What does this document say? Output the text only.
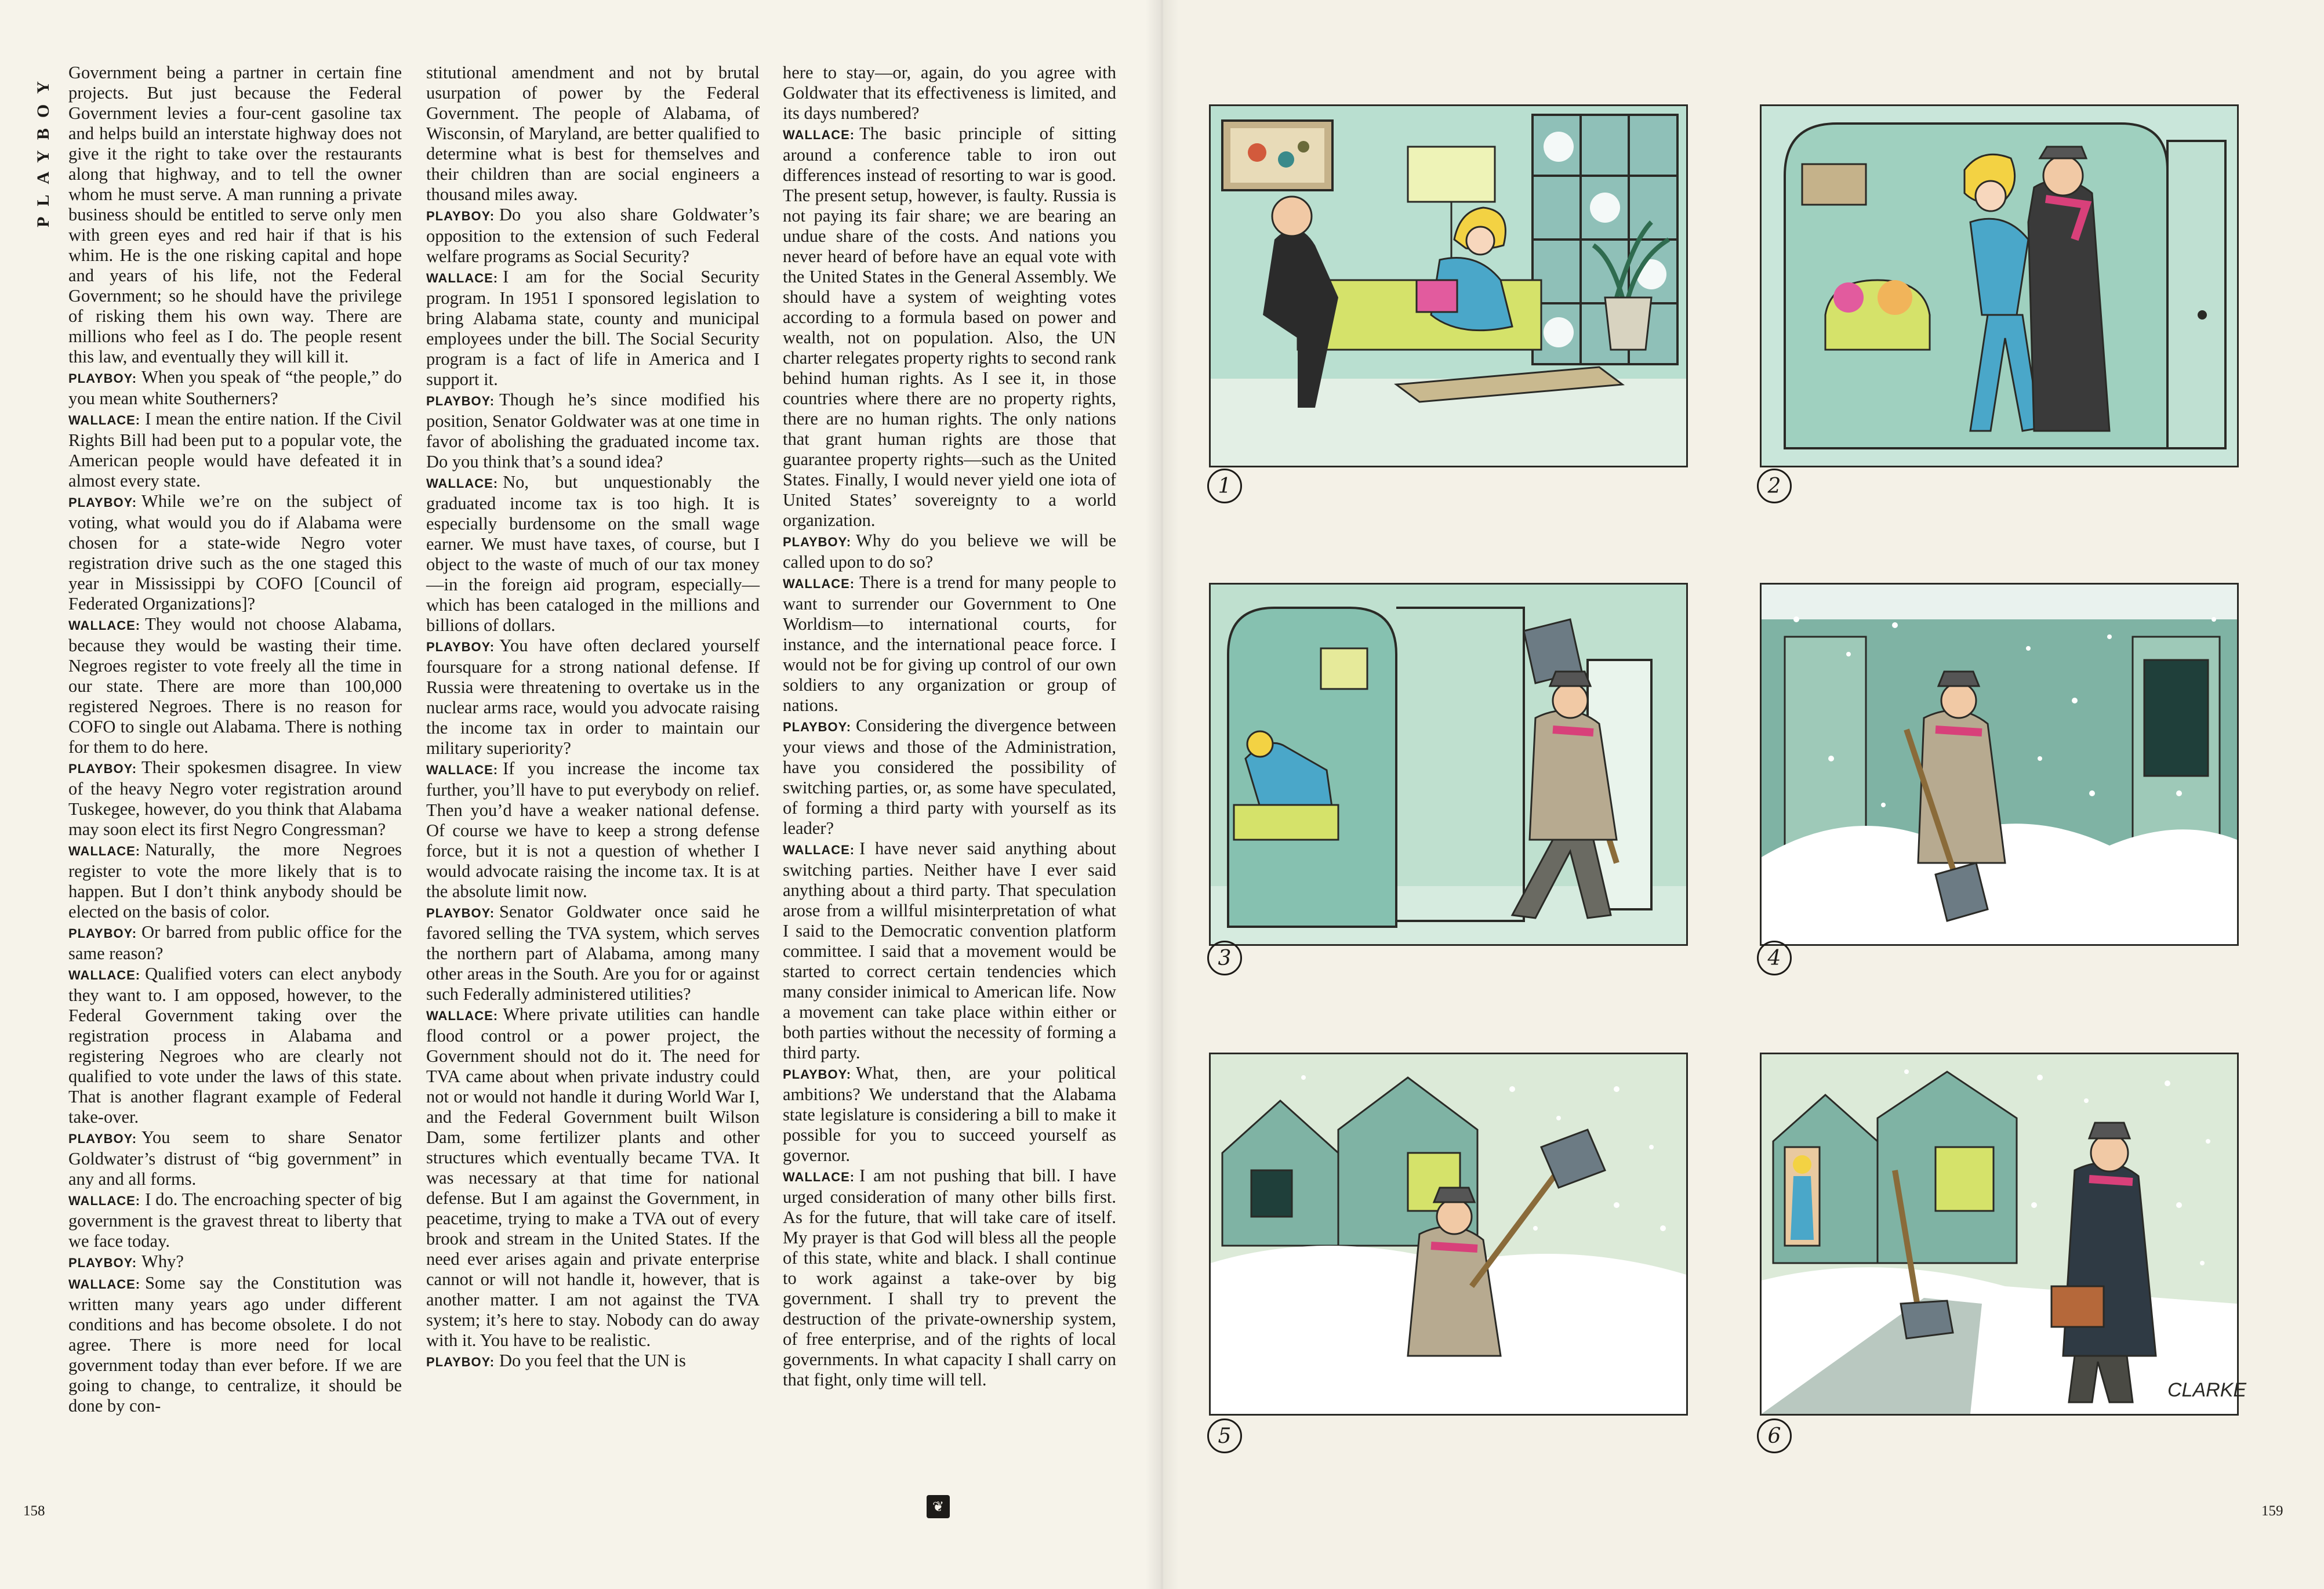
PLAYBOY Government being a partner in certain fine projects. But just because the Federal Government levies a four-cent gasoline tax and helps build an interstate highway does not give it the right to take over the restaurants along that highway, and to tell the owner whom he must serve. A man running a private business should be entitled to serve only men with green eyes and red hair if that is his whim. He is the one risking capital and hope and years of his life, not the Federal Government; so he should have the privilege of risking them his own way. There are millions who feel as I do. The people resent this law, and eventually they will kill it.

PLAYBOY: When you speak of “the people,” do you mean white Southerners?

WALLACE: I mean the entire nation. If the Civil Rights Bill had been put to a popular vote, the American people would have defeated it in almost every state.

PLAYBOY: While we’re on the subject of voting, what would you do if Alabama were chosen for a state-wide Negro voter registration drive such as the one staged this year in Mississippi by COFO [Council of Federated Organizations]?

WALLACE: They would not choose Alabama, because they would be wasting their time. Negroes register to vote freely all the time in our state. There are more than 100,000 registered Negroes. There is no reason for COFO to single out Alabama. There is nothing for them to do here.

PLAYBOY: Their spokesmen disagree. In view of the heavy Negro voter registration around Tuskegee, however, do you think that Alabama may soon elect its first Negro Congressman?

WALLACE: Naturally, the more Negroes register to vote the more likely that is to happen. But I don’t think anybody should be elected on the basis of color.

PLAYBOY: Or barred from public office for the same reason?

WALLACE: Qualified voters can elect anybody they want to. I am opposed, however, to the Federal Government taking over the registration process in Alabama and registering Negroes who are clearly not qualified to vote under the laws of this state. That is another flagrant example of Federal take-over.

PLAYBOY: You seem to share Senator Goldwater’s distrust of “big government” in any and all forms.

WALLACE: I do. The encroaching specter of big government is the gravest threat to liberty that we face today.

PLAYBOY: Why?

WALLACE: Some say the Constitution was written many years ago under different conditions and has become obsolete. I do not agree. There is more need for local government today than ever before. If we are going to change, to centralize, it should be done by con-

stitutional amendment and not by brutal usurpation of power by the Federal Government. The people of Alabama, of Wisconsin, of Maryland, are better qualified to determine what is best for themselves and their children than are social engineers a thousand miles away.

PLAYBOY: Do you also share Goldwater’s opposition to the extension of such Federal welfare programs as Social Security?

WALLACE: I am for the Social Security program. In 1951 I sponsored legislation to bring Alabama state, county and municipal employees under the bill. The Social Security program is a fact of life in America and I support it.

PLAYBOY: Though he’s since modified his position, Senator Goldwater was at one time in favor of abolishing the graduated income tax. Do you think that’s a sound idea?

WALLACE: No, but unquestionably the graduated income tax is too high. It is especially burdensome on the small wage earner. We must have taxes, of course, but I object to the waste of much of our tax money—in the foreign aid program, especially—which has been cataloged in the millions and billions of dollars.

PLAYBOY: You have often declared yourself foursquare for a strong national defense. If Russia were threatening to overtake us in the nuclear arms race, would you advocate raising the income tax in order to maintain our military superiority?

WALLACE: If you increase the income tax further, you’ll have to put everybody on relief. Then you’d have a weaker national defense. Of course we have to keep a strong defense force, but it is not a question of whether I would advocate raising the income tax. It is at the absolute limit now.

PLAYBOY: Senator Goldwater once said he favored selling the TVA system, which serves the northern part of Alabama, among many other areas in the South. Are you for or against such Federally administered utilities?

WALLACE: Where private utilities can handle flood control or a power project, the Government should not do it. The need for TVA came about when private industry could not or would not handle it during World War I, and the Federal Government built Wilson Dam, some fertilizer plants and other structures which eventually became TVA. It was necessary at that time for national defense. But I am against the Government, in peacetime, trying to make a TVA out of every brook and stream in the United States. If the need ever arises again and private enterprise cannot or will not handle it, however, that is another matter. I am not against the TVA system; it’s here to stay. Nobody can do away with it. You have to be realistic.

PLAYBOY: Do you feel that the UN is

here to stay—or, again, do you agree with Goldwater that its effectiveness is limited, and its days numbered?

WALLACE: The basic principle of sitting around a conference table to iron out differences instead of resorting to war is good. The present setup, however, is faulty. Russia is not paying its fair share; we are bearing an undue share of the costs. And nations you never heard of before have an equal vote with the United States in the General Assembly. We should have a system of weighting votes according to a formula based on power and wealth, not on population. Also, the UN charter relegates property rights to second rank behind human rights. As I see it, in those countries where there are no property rights, there are no human rights. The only nations that grant human rights are those that guarantee property rights—such as the United States. Finally, I would never yield one iota of United States’ sovereignty to a world organization.

PLAYBOY: Why do you believe we will be called upon to do so?

WALLACE: There is a trend for many people to want to surrender our Government to One Worldism—to international courts, for instance, and the international peace force. I would not be for giving up control of our own soldiers to any organization or group of nations.

PLAYBOY: Considering the divergence between your views and those of the Administration, have you considered the possibility of switching parties, or, as some have speculated, of forming a third party with yourself as its leader?

WALLACE: I have never said anything about switching parties. Neither have I ever said anything about a third party. That speculation arose from a willful misinterpretation of what I said to the Democratic convention platform committee. I said that a movement would be started to correct certain tendencies which many consider inimical to American life. Now a movement can take place within either or both parties without the necessity of forming a third party.

PLAYBOY: What, then, are your political ambitions? We understand that the Alabama state legislature is considering a bill to make it possible for you to succeed yourself as governor.

WALLACE: I am not pushing that bill. I have urged consideration of many other bills first. As for the future, that will take care of itself. My prayer is that God will bless all the people of this state, white and black. I shall continue to work against a take-over by big government. I shall try to prevent the destruction of the private-ownership system, of free enterprise, and of the rights of local governments. In what capacity I shall carry on that fight, only time will tell.

158	159
❦
CLARKE
1	2
3	4
5	6
